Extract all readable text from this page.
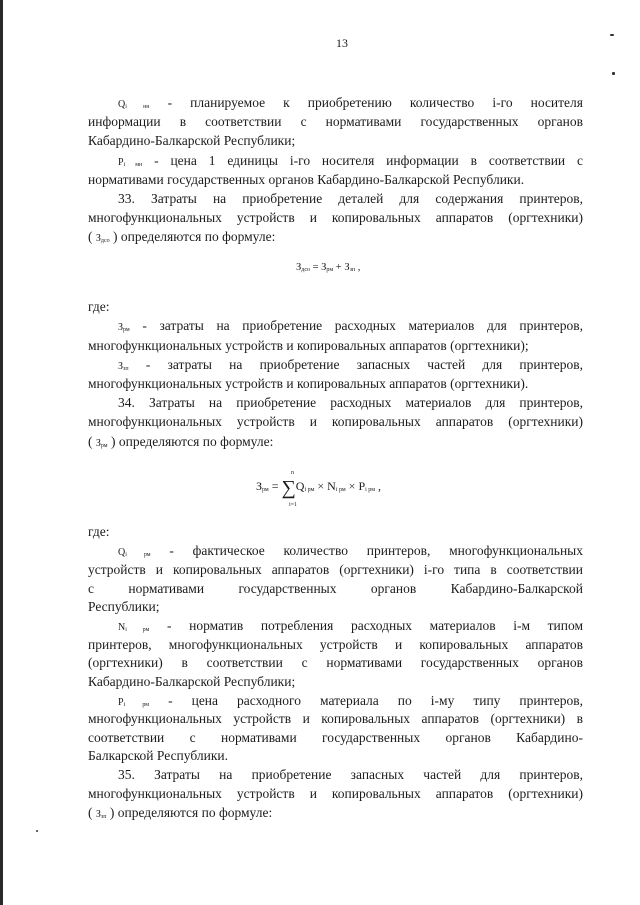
13
Qi нн - планируемое к приобретению количество i-го носителя
информации в соответствии с нормативами государственных органов
Кабардино-Балкарской Республики;
Pi мн - цена 1 единицы i-го носителя информации в соответствии с
нормативами государственных органов Кабардино-Балкарской Республики.
33. Затраты на приобретение деталей для содержания принтеров,
многофункциональных устройств и копировальных аппаратов (оргтехники)
( Здсо ) определяются по формуле:
где:
Зрм - затраты на приобретение расходных материалов для принтеров,
многофункциональных устройств и копировальных аппаратов (оргтехники);
Ззп - затраты на приобретение запасных частей для принтеров,
многофункциональных устройств и копировальных аппаратов (оргтехники).
34. Затраты на приобретение расходных материалов для принтеров,
многофункциональных устройств и копировальных аппаратов (оргтехники)
( Зрм ) определяются по формуле:
где:
Qi рм - фактическое количество принтеров, многофункциональных
устройств и копировальных аппаратов (оргтехники) i-го типа в соответствии
с нормативами государственных органов Кабардино-Балкарской
Республики;
Ni рм - норматив потребления расходных материалов i-м типом
принтеров, многофункциональных устройств и копировальных аппаратов
(оргтехники) в соответствии с нормативами государственных органов
Кабардино-Балкарской Республики;
Pi рм - цена расходного материала по i-му типу принтеров,
многофункциональных устройств и копировальных аппаратов (оргтехники) в
соответствии с нормативами государственных органов Кабардино-
Балкарской Республики.
35. Затраты на приобретение запасных частей для принтеров,
многофункциональных устройств и копировальных аппаратов (оргтехники)
( Ззп ) определяются по формуле:
Здсо = Зрм + Ззп ,
Зрм = ∑Qi рм × Ni рм × Pi рм ,
n
i=1
